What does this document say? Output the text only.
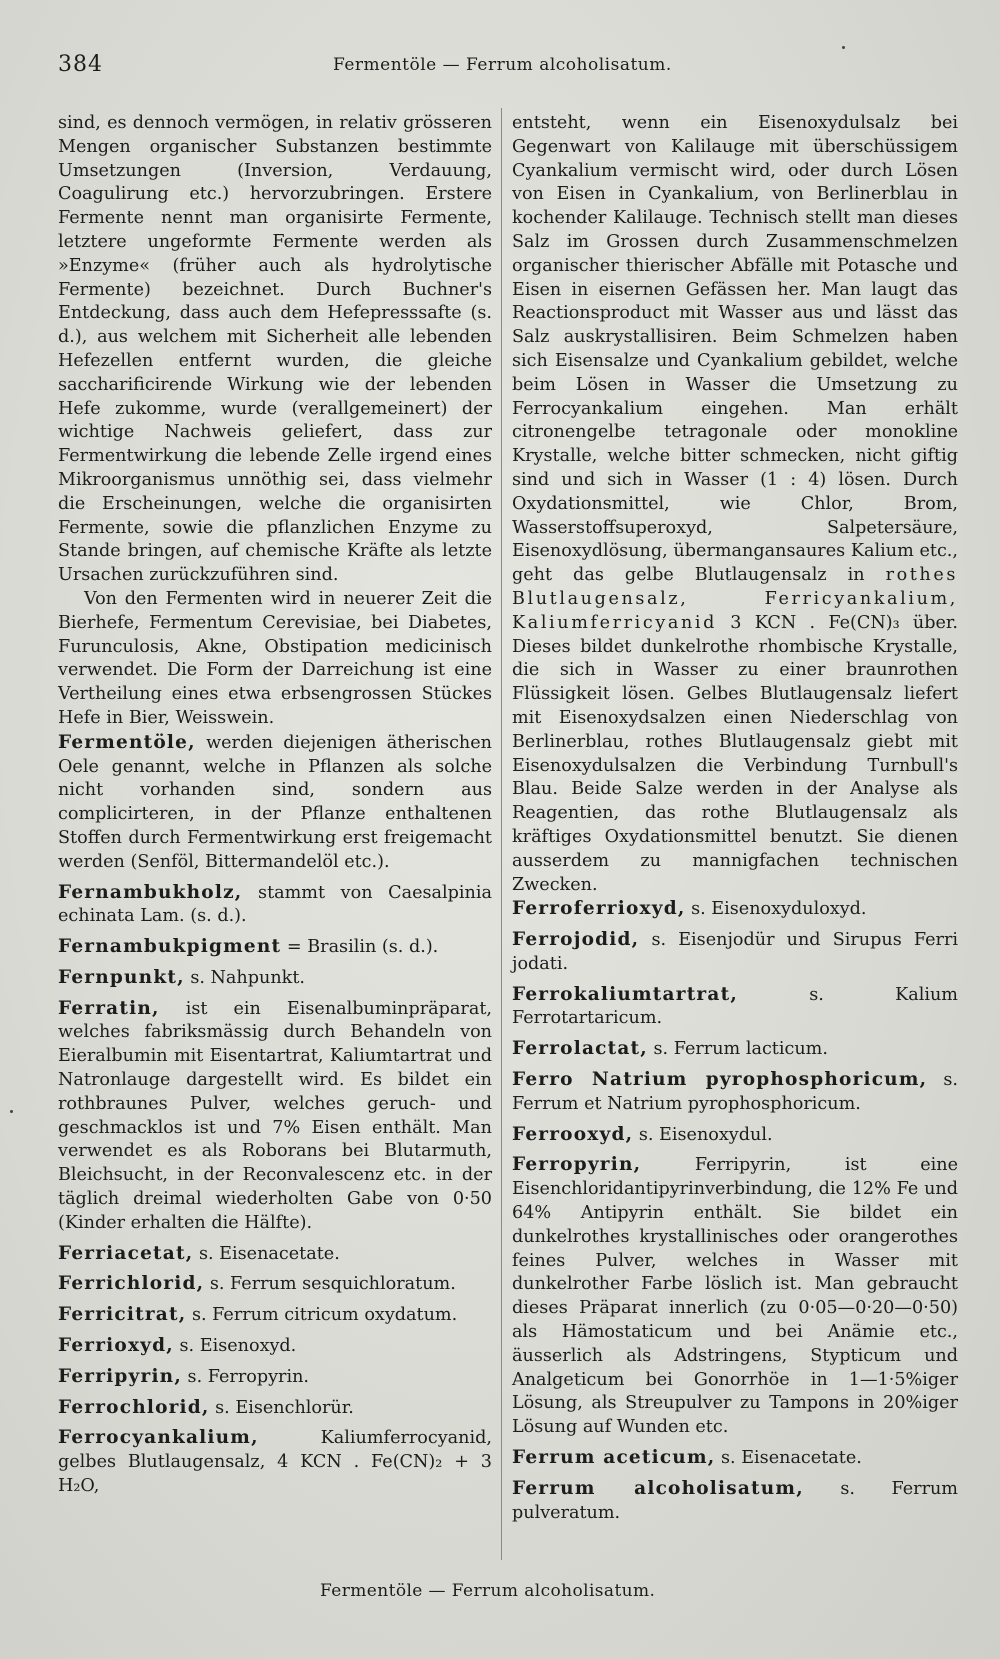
384	Fermentöle — Ferrum alcoholisatum.

sind, es dennoch vermögen, in relativ grösseren Mengen organischer Substanzen bestimmte Umsetzungen (Inversion, Verdauung, Coagulirung etc.) hervorzubringen. Erstere Fermente nennt man organisirte Fermente, letztere ungeformte Fermente werden als »Enzyme« (früher auch als hydrolytische Fermente) bezeichnet. Durch Buchner's Entdeckung, dass auch dem Hefepresssafte (s. d.), aus welchem mit Sicherheit alle lebenden Hefezellen entfernt wurden, die gleiche saccharificirende Wirkung wie der lebenden Hefe zukomme, wurde (verallgemeinert) der wichtige Nachweis geliefert, dass zur Fermentwirkung die lebende Zelle irgend eines Mikroorganismus unnöthig sei, dass vielmehr die Erscheinungen, welche die organisirten Fermente, sowie die pflanzlichen Enzyme zu Stande bringen, auf chemische Kräfte als letzte Ursachen zurückzuführen sind.

Von den Fermenten wird in neuerer Zeit die Bierhefe, Fermentum Cerevisiae, bei Diabetes, Furunculosis, Akne, Obstipation medicinisch verwendet. Die Form der Darreichung ist eine Vertheilung eines etwa erbsengrossen Stückes Hefe in Bier, Weisswein.

Fermentöle, werden diejenigen ätherischen Oele genannt, welche in Pflanzen als solche nicht vorhanden sind, sondern aus complicirteren, in der Pflanze enthaltenen Stoffen durch Fermentwirkung erst freigemacht werden (Senföl, Bittermandelöl etc.).

Fernambukholz, stammt von Caesalpinia echinata Lam. (s. d.).

Fernambukpigment = Brasilin (s. d.).

Fernpunkt, s. Nahpunkt.

Ferratin, ist ein Eisenalbuminpräparat, welches fabriksmässig durch Behandeln von Eieralbumin mit Eisentartrat, Kaliumtartrat und Natronlauge dargestellt wird. Es bildet ein rothbraunes Pulver, welches geruch- und geschmacklos ist und 7% Eisen enthält. Man verwendet es als Roborans bei Blutarmuth, Bleichsucht, in der Reconvalescenz etc. in der täglich dreimal wiederholten Gabe von 0·50 (Kinder erhalten die Hälfte).

Ferriacetat, s. Eisenacetate.

Ferrichlorid, s. Ferrum sesquichloratum.

Ferricitrat, s. Ferrum citricum oxydatum.

Ferrioxyd, s. Eisenoxyd.

Ferripyrin, s. Ferropyrin.

Ferrochlorid, s. Eisenchlorür.

Ferrocyankalium, Kaliumferrocyanid, gelbes Blutlaugensalz, 4 KCN . Fe(CN)₂ + 3 H₂O,

entsteht, wenn ein Eisenoxydulsalz bei Gegenwart von Kalilauge mit überschüssigem Cyankalium vermischt wird, oder durch Lösen von Eisen in Cyankalium, von Berlinerblau in kochender Kalilauge. Technisch stellt man dieses Salz im Grossen durch Zusammenschmelzen organischer thierischer Abfälle mit Potasche und Eisen in eisernen Gefässen her. Man laugt das Reactionsproduct mit Wasser aus und lässt das Salz auskrystallisiren. Beim Schmelzen haben sich Eisensalze und Cyankalium gebildet, welche beim Lösen in Wasser die Umsetzung zu Ferrocyankalium eingehen. Man erhält citronengelbe tetragonale oder monokline Krystalle, welche bitter schmecken, nicht giftig sind und sich in Wasser (1 : 4) lösen. Durch Oxydationsmittel, wie Chlor, Brom, Wasserstoffsuperoxyd, Salpetersäure, Eisenoxydlösung, übermangansaures Kalium etc., geht das gelbe Blutlaugensalz in rothes Blutlaugensalz, Ferricyankalium, Kaliumferricyanid 3 KCN . Fe(CN)₃ über. Dieses bildet dunkelrothe rhombische Krystalle, die sich in Wasser zu einer braunrothen Flüssigkeit lösen. Gelbes Blutlaugensalz liefert mit Eisenoxydsalzen einen Niederschlag von Berlinerblau, rothes Blutlaugensalz giebt mit Eisenoxydulsalzen die Verbindung Turnbull's Blau. Beide Salze werden in der Analyse als Reagentien, das rothe Blutlaugensalz als kräftiges Oxydationsmittel benutzt. Sie dienen ausserdem zu mannigfachen technischen Zwecken.

Ferroferrioxyd, s. Eisenoxyduloxyd.

Ferrojodid, s. Eisenjodür und Sirupus Ferri jodati.

Ferrokaliumtartrat, s. Kalium Ferrotartaricum.

Ferrolactat, s. Ferrum lacticum.

Ferro Natrium pyrophosphoricum, s. Ferrum et Natrium pyrophosphoricum.

Ferrooxyd, s. Eisenoxydul.

Ferropyrin, Ferripyrin, ist eine Eisenchloridantipyrinverbindung, die 12% Fe und 64% Antipyrin enthält. Sie bildet ein dunkelrothes krystallinisches oder orangerothes feines Pulver, welches in Wasser mit dunkelrother Farbe löslich ist. Man gebraucht dieses Präparat innerlich (zu 0·05—0·20—0·50) als Hämostaticum und bei Anämie etc., äusserlich als Adstringens, Stypticum und Analgeticum bei Gonorrhöe in 1—1·5%iger Lösung, als Streupulver zu Tampons in 20%iger Lösung auf Wunden etc.

Ferrum aceticum, s. Eisenacetate.

Ferrum alcoholisatum, s. Ferrum pulveratum.

Fermentöle — Ferrum alcoholisatum.
